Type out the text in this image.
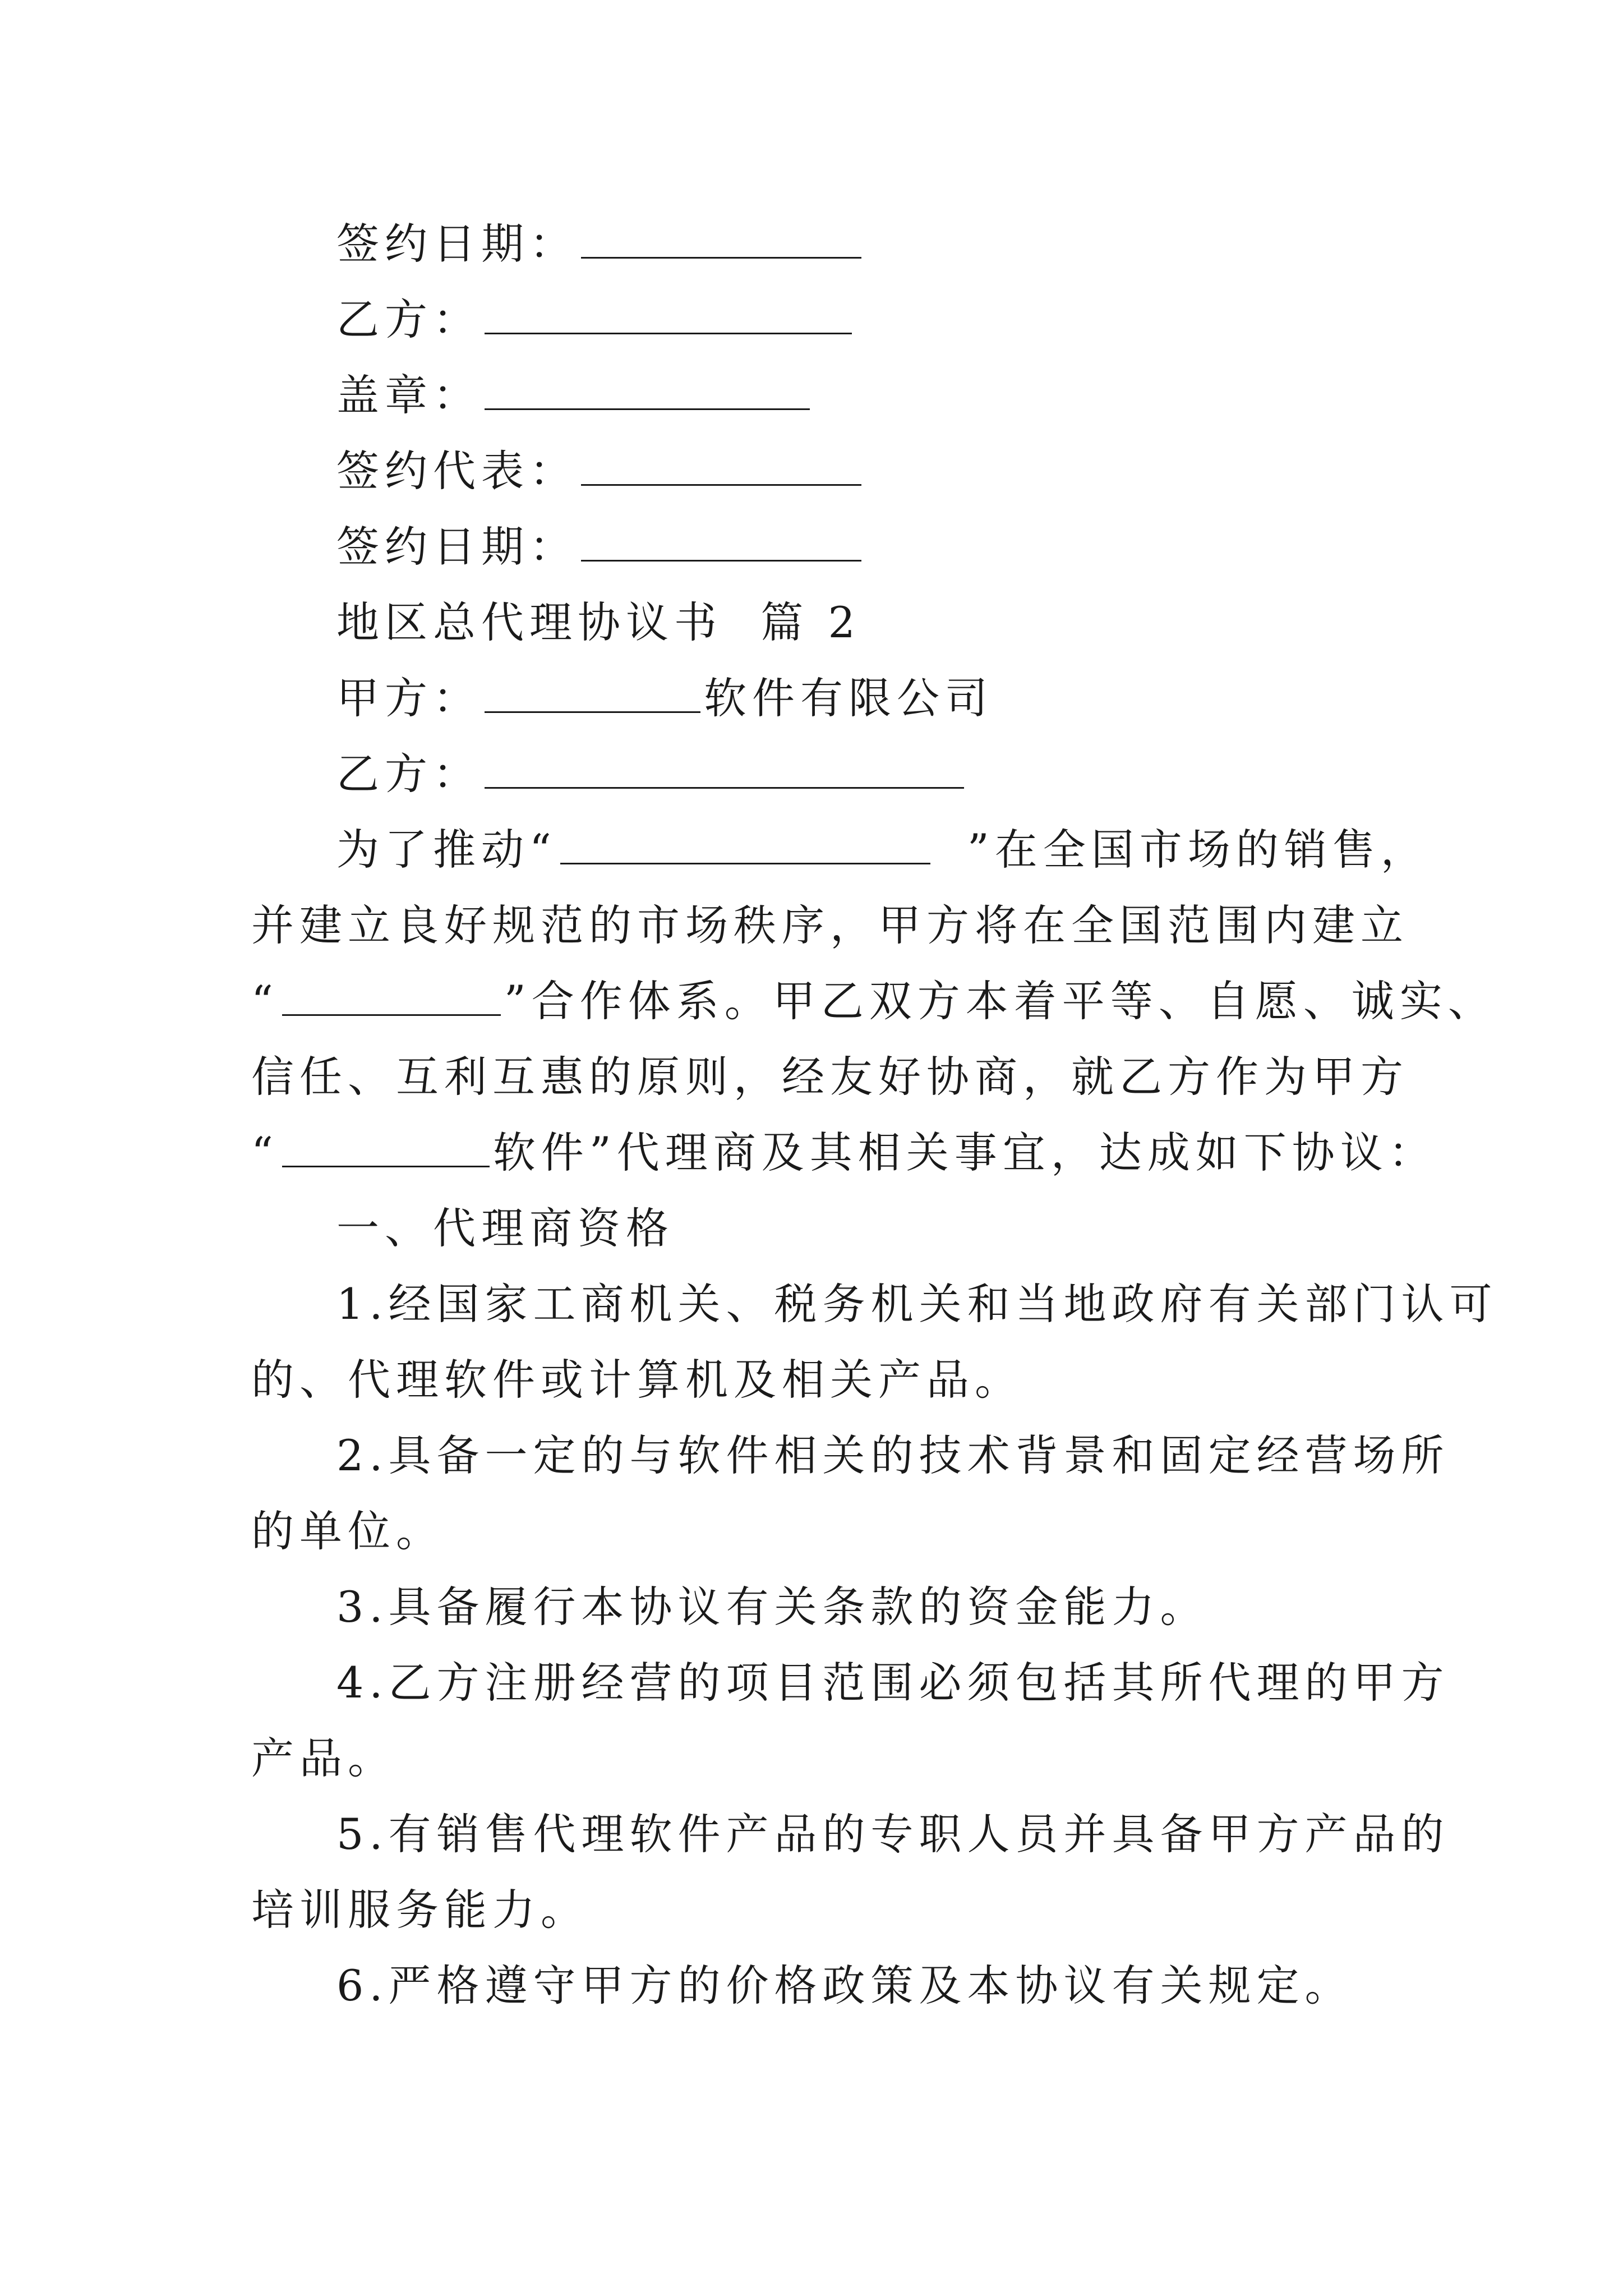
签约日期：
乙方：
盖章：
签约代表：
签约日期：
地区总代理协议书  篇 2
甲方：	软件有限公司
乙方：
为了推动“	”在全国市场的销售，
并建立良好规范的市场秩序，甲方将在全国范围内建立
“	”合作体系。甲乙双方本着平等、自愿、诚实、
信任、互利互惠的原则，经友好协商，就乙方作为甲方
“	软件”代理商及其相关事宜，达成如下协议：
一、代理商资格
1.经国家工商机关、税务机关和当地政府有关部门认可
的、代理软件或计算机及相关产品。
2.具备一定的与软件相关的技术背景和固定经营场所
的单位。
3.具备履行本协议有关条款的资金能力。
4.乙方注册经营的项目范围必须包括其所代理的甲方
产品。
5.有销售代理软件产品的专职人员并具备甲方产品的
培训服务能力。
6.严格遵守甲方的价格政策及本协议有关规定。
